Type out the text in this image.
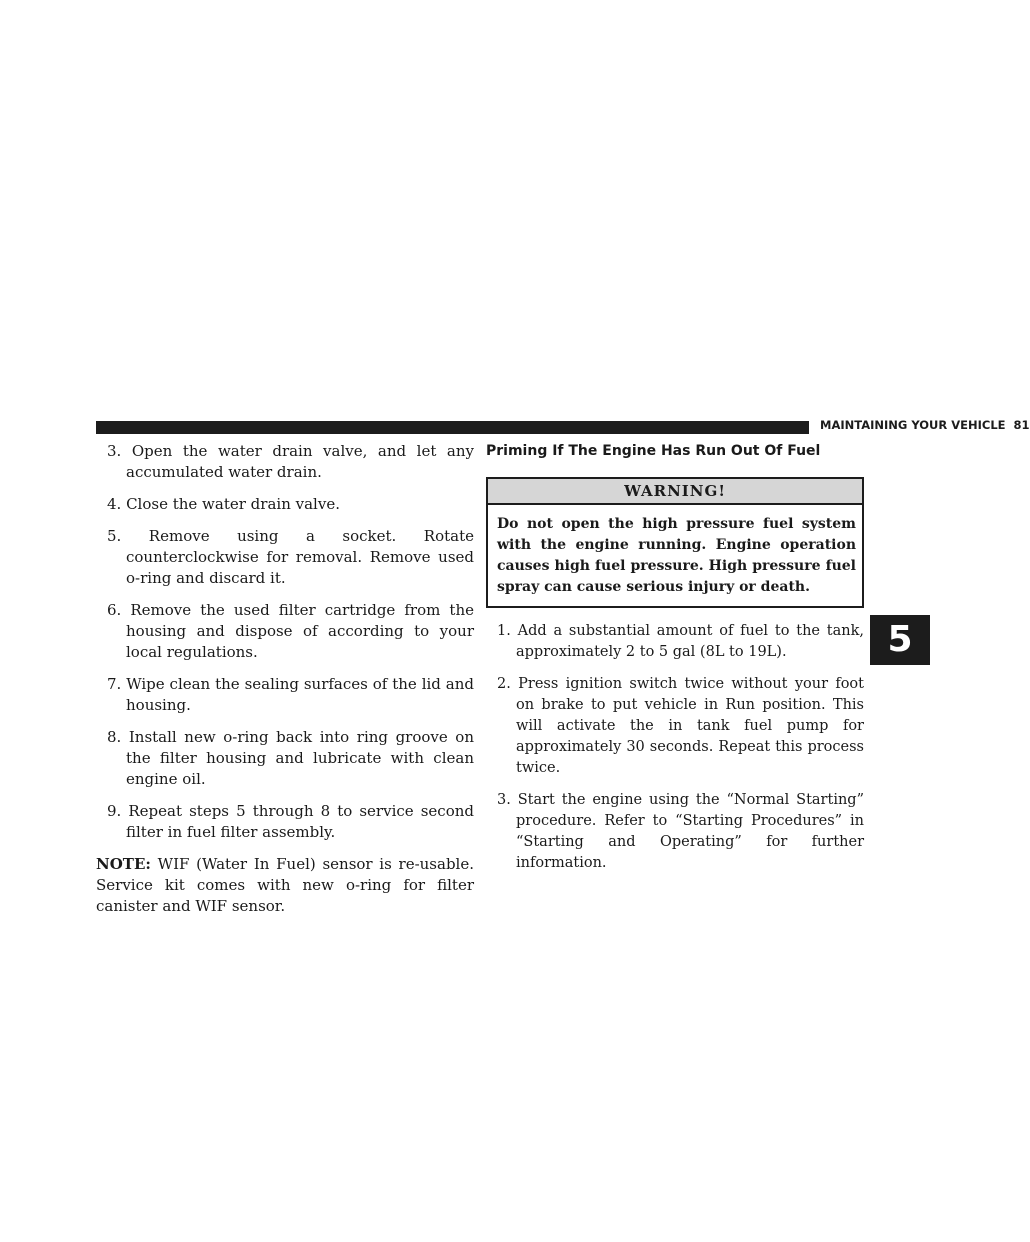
MAINTAINING YOUR VEHICLE 81
5

3. Open the water drain valve, and let any accumulated water drain.

4. Close the water drain valve.

5. Remove using a socket. Rotate counterclockwise for removal. Remove used o-ring and discard it.

6. Remove the used filter cartridge from the housing and dispose of according to your local regulations.

7. Wipe clean the sealing surfaces of the lid and housing.

8. Install new o-ring back into ring groove on the filter housing and lubricate with clean engine oil.

9. Repeat steps 5 through 8 to service second filter in fuel filter assembly.

NOTE: WIF (Water In Fuel) sensor is re-usable. Service kit comes with new o-ring for filter canister and WIF sensor.

Priming If The Engine Has Run Out Of Fuel
WARNING!
Do not open the high pressure fuel system with the engine running. Engine operation causes high fuel pressure. High pressure fuel spray can cause serious injury or death.

1. Add a substantial amount of fuel to the tank, approximately 2 to 5 gal (8L to 19L).

2. Press ignition switch twice without your foot on brake to put vehicle in Run position. This will activate the in tank fuel pump for approximately 30 seconds. Repeat this process twice.

3. Start the engine using the “Normal Starting” procedure. Refer to “Starting Procedures” in “Starting and Operating” for further information.
